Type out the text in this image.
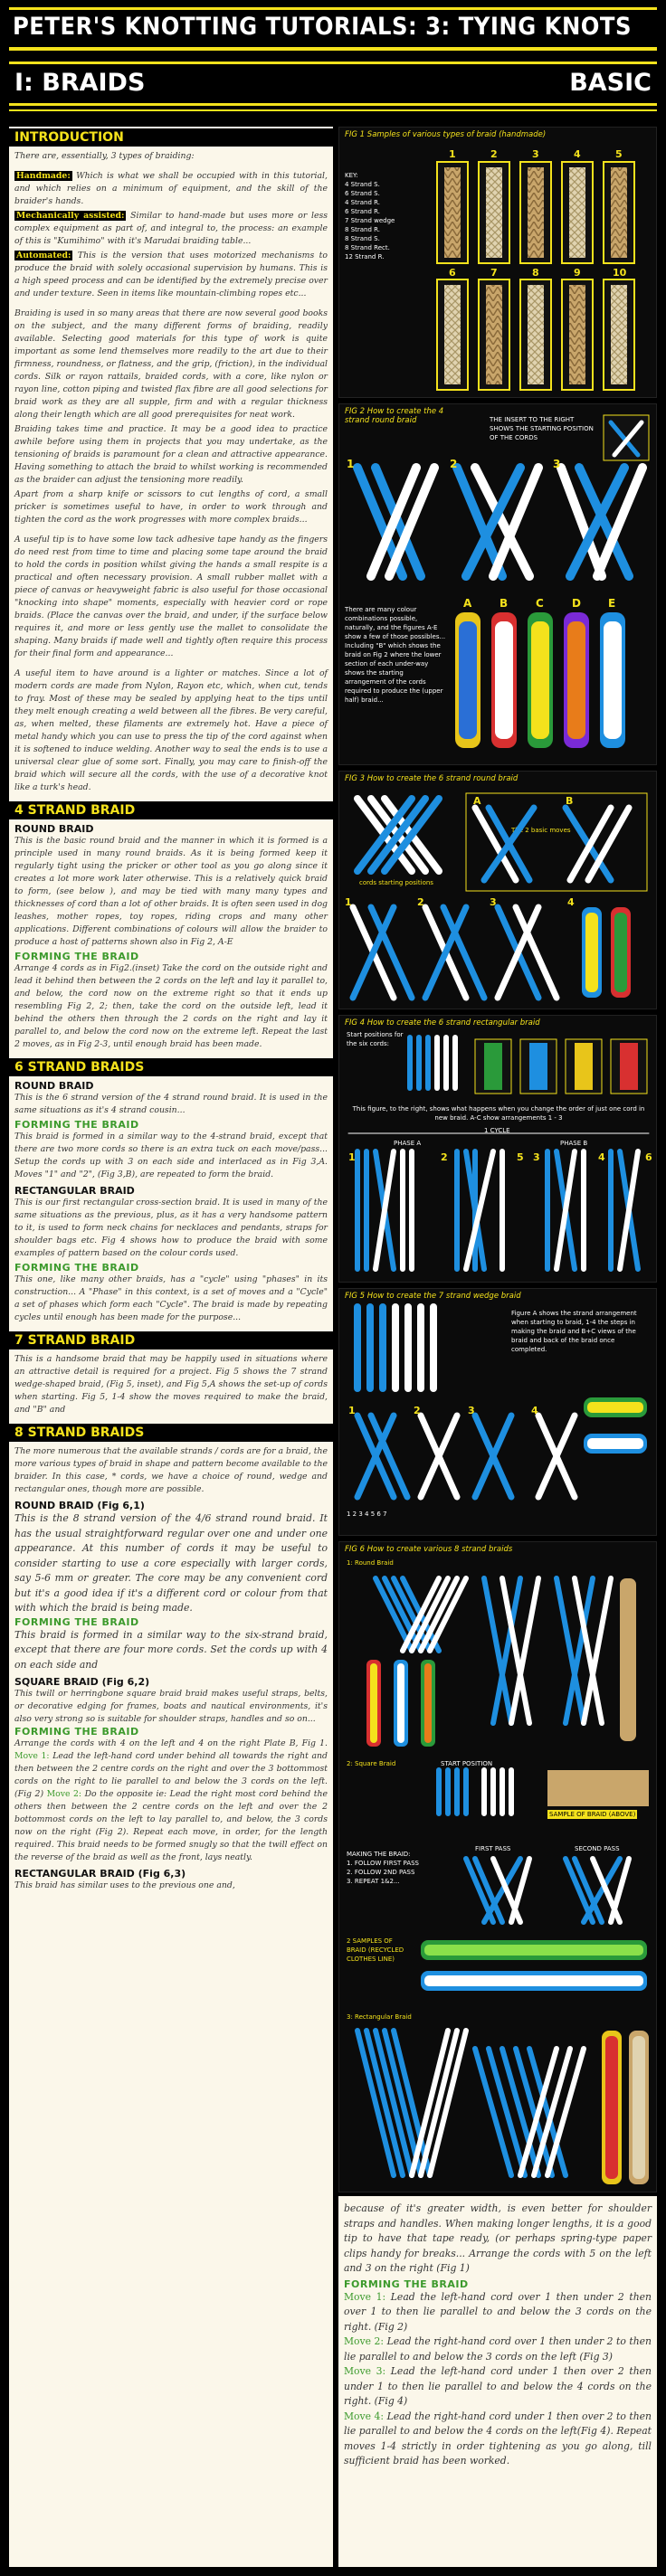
PETER'S KNOTTING TUTORIALS: 3: TYING KNOTS
I: BRAIDS	BASIC
INTRODUCTION
There are, essentially, 3 types of braiding:
Handmade: Which is what we shall be occupied with in this tutorial, and which relies on a minimum of equipment, and the skill of the braider's hands.
Mechanically assisted: Similar to hand-made but uses more or less complex equipment as part of, and integral to, the process: an example of this is "Kumihimo" with it's Marudai braiding table...
Automated: This is the version that uses motorized mechanisms to produce the braid with solely occasional supervision by humans. This is a high speed process and can be identified by the extremely precise over and under texture. Seen in items like mountain-climbing ropes etc...
Braiding is used in so many areas that there are now several good books on the subject, and the many different forms of braiding, readily available. Selecting good materials for this type of work is quite important as some lend themselves more readily to the art due to their firmness, roundness, or flatness, and the grip, (friction), in the individual cords. Silk or rayon rattails, braided cords, with a core, like nylon or rayon line, cotton piping and twisted flax fibre are all good selections for braid work as they are all supple, firm and with a regular thickness along their length which are all good prerequisites for neat work.
Braiding takes time and practice. It may be a good idea to practice awhile before using them in projects that you may undertake, as the tensioning of braids is paramount for a clean and attractive appearance. Having something to attach the braid to whilst working is recommended as the braider can adjust the tensioning more readily.
Apart from a sharp knife or scissors to cut lengths of cord, a small pricker is sometimes useful to have, in order to work through and tighten the cord as the work progresses with more complex braids...
A useful tip is to have some low tack adhesive tape handy as the fingers do need rest from time to time and placing some tape around the braid to hold the cords in position whilst giving the hands a small respite is a practical and often necessary provision. A small rubber mallet with a piece of canvas or heavyweight fabric is also useful for those occasional "knocking into shape" moments, especially with heavier cord or rope braids. (Place the canvas over the braid, and under, if the surface below requires it, and more or less gently use the mallet to consolidate the shaping. Many braids if made well and tightly often require this process for their final form and appearance...
A useful item to have around is a lighter or matches. Since a lot of modern cords are made from Nylon, Rayon etc, which, when cut, tends to fray. Most of these may be sealed by applying heat to the tips until they melt enough creating a weld between all the fibres. Be very careful, as, when melted, these filaments are extremely hot. Have a piece of metal handy which you can use to press the tip of the cord against when it is softened to induce welding. Another way to seal the ends is to use a universal clear glue of some sort. Finally, you may care to finish-off the braid which will secure all the cords, with the use of a decorative knot like a turk's head.
4 STRAND BRAID
ROUND BRAID
This is the basic round braid and the manner in which it is formed is a principle used in many round braids. As it is being formed keep it regularly tight using the pricker or other tool as you go along since it creates a lot more work later otherwise. This is a relatively quick braid to form, (see below ), and may be tied with many many types and thicknesses of cord than a lot of other braids. It is often seen used in dog leashes, mother ropes, toy ropes, riding crops and many other applications. Different combinations of colours will allow the braider to produce a host of patterns shown also in Fig 2, A-E
FORMING THE BRAID
Arrange 4 cords as in Fig2.(inset) Take the cord on the outside right and lead it behind then between the 2 cords on the left and lay it parallel to, and below, the cord now on the extreme right so that it ends up resembling Fig 2, 2; then, take the cord on the outside left, lead it behind the others then through the 2 cords on the right and lay it parallel to, and below the cord now on the extreme left. Repeat the last 2 moves, as in Fig 2-3, until enough braid has been made.
6 STRAND BRAIDS
ROUND BRAID
This is the 6 strand version of the 4 strand round braid. It is used in the same situations as it's 4 strand cousin...
FORMING THE BRAID
This braid is formed in a similar way to the 4-strand braid, except that there are two more cords so there is an extra tuck on each move/pass... Setup the cords up with 3 on each side and interlaced as in Fig 3,A. Moves "1" and "2", (Fig 3,B), are repeated to form the braid.
RECTANGULAR BRAID
This is our first rectangular cross-section braid. It is used in many of the same situations as the previous, plus, as it has a very handsome pattern to it, is used to form neck chains for necklaces and pendants, straps for shoulder bags etc. Fig 4 shows how to produce the braid with some examples of pattern based on the colour cords used.
FORMING THE BRAID
This one, like many other braids, has a "cycle" using "phases" in its construction... A "Phase" in this context, is a set of moves and a "Cycle" a set of phases which form each "Cycle". The braid is made by repeating cycles until enough has been made for the purpose...
7 STRAND BRAID
This is a handsome braid that may be happily used in situations where an attractive detail is required for a project. Fig 5 shows the 7 strand wedge-shaped braid, (Fig 5, inset), and Fig 5,A shows the set-up of cords when starting. Fig 5, 1-4 show the moves required to make the braid, and "B" and
8 STRAND BRAIDS
The more numerous that the available strands / cords are for a braid, the more various types of braid in shape and pattern become available to the braider. In this case, * cords, we have a choice of round, wedge and rectangular ones, though more are possible.
ROUND BRAID (Fig 6,1)
This is the 8 strand version of the 4/6 strand round braid. It has the usual straightforward regular over one and under one appearance. At this number of cords it may be useful to consider starting to use a core especially with larger cords, say 5-6 mm or greater. The core may be any convenient cord but it's a good idea if it's a different cord or colour from that with which the braid is being made.
FORMING THE BRAID
This braid is formed in a similar way to the six-strand braid, except that there are four more cords. Set the cords up with 4 on each side and
SQUARE BRAID (Fig 6,2)
This twill or herringbone square braid braid makes useful straps, belts, or decorative edging for frames, boats and nautical environments, it's also very strong so is suitable for shoulder straps, handles and so on...
FORMING THE BRAID
Arrange the cords with 4 on the left and 4 on the right Plate B, Fig 1. Move 1: Lead the left-hand cord under behind all towards the right and then between the 2 centre cords on the right and over the 3 bottommost cords on the right to lie parallel to and below the 3 cords on the left. (Fig 2) Move 2: Do the opposite ie: Lead the right most cord behind the others then between the 2 centre cords on the left and over the 2 bottommost cords on the left to lay parallel to, and below, the 3 cords now on the right (Fig 2). Repeat each move, in order, for the length required. This braid needs to be formed snugly so that the twill effect on the reverse of the braid as well as the front, lays neatly.
RECTANGULAR BRAID (Fig 6,3)
This braid has similar uses to the previous one and,
FIG 1 Samples of various types of braid (handmade)
KEY:
4 Strand S.
6 Strand S.
4 Strand R.
6 Strand R.
7 Strand wedge
8 Strand R.
8 Strand S.
8 Strand Rect.
12 Strand R.
1	2	3	4	5
6	7	8	9	10
FIG 2 How to create the 4 strand round braid	THE INSERT TO THE RIGHT SHOWS THE STARTING POSITION OF THE CORDS
There are many colour combinations possible, naturally, and the figures A-E show a few of those possibles... Including "B" which shows the braid on Fig 2 where the lower section of each under-way shows the starting arrangement of the cords required to produce the (upper half) braid...
1	2	3
A	B	C	D	E
FIG 3 How to create the 6 strand round braid
cords starting positions
The 2 basic moves
A	B
1	2	3	4
FIG 4 How to create the 6 strand rectangular braid
Start positions for the six cords:
This figure, to the right, shows what happens when you change the order of just one cord in new braid. A-C show arrangements 1 - 3
1 CYCLE
PHASE A	PHASE B
1	2	3	4
5	6
FIG 5 How to create the 7 strand wedge braid
Figure A shows the strand arrangement when starting to braid, 1-4 the steps in making the braid and B+C views of the braid and back of the braid once completed.
1 2 3 4 5 6 7
1	2	3	4
FIG 6 How to create various 8 strand braids
1: Round Braid
2: Square Braid	START POSITION
SAMPLE OF BRAID (ABOVE)
MAKING THE BRAID:
1. FOLLOW FIRST PASS
2. FOLLOW 2ND PASS
3. REPEAT 1&2...
FIRST PASS	SECOND PASS
2 SAMPLES OF BRAID (RECYCLED CLOTHES LINE)
3: Rectangular Braid
because of it's greater width, is even better for shoulder straps and handles. When making longer lengths, it is a good tip to have that tape ready, (or perhaps spring-type paper clips handy for breaks... Arrange the cords with 5 on the left and 3 on the right (Fig 1)
FORMING THE BRAID
Move 1: Lead the left-hand cord over 1 then under 2 then over 1 to then lie parallel to and below the 3 cords on the right. (Fig 2)
Move 2: Lead the right-hand cord over 1 then under 2 to then lie parallel to and below the 3 cords on the left (Fig 3)
Move 3: Lead the left-hand cord under 1 then over 2 then under 1 to then lie parallel to and below the 4 cords on the right. (Fig 4)
Move 4: Lead the right-hand cord under 1 then over 2 to then lie parallel to and below the 4 cords on the left(Fig 4). Repeat moves 1-4 strictly in order tightening as you go along, till sufficient braid has been worked.
